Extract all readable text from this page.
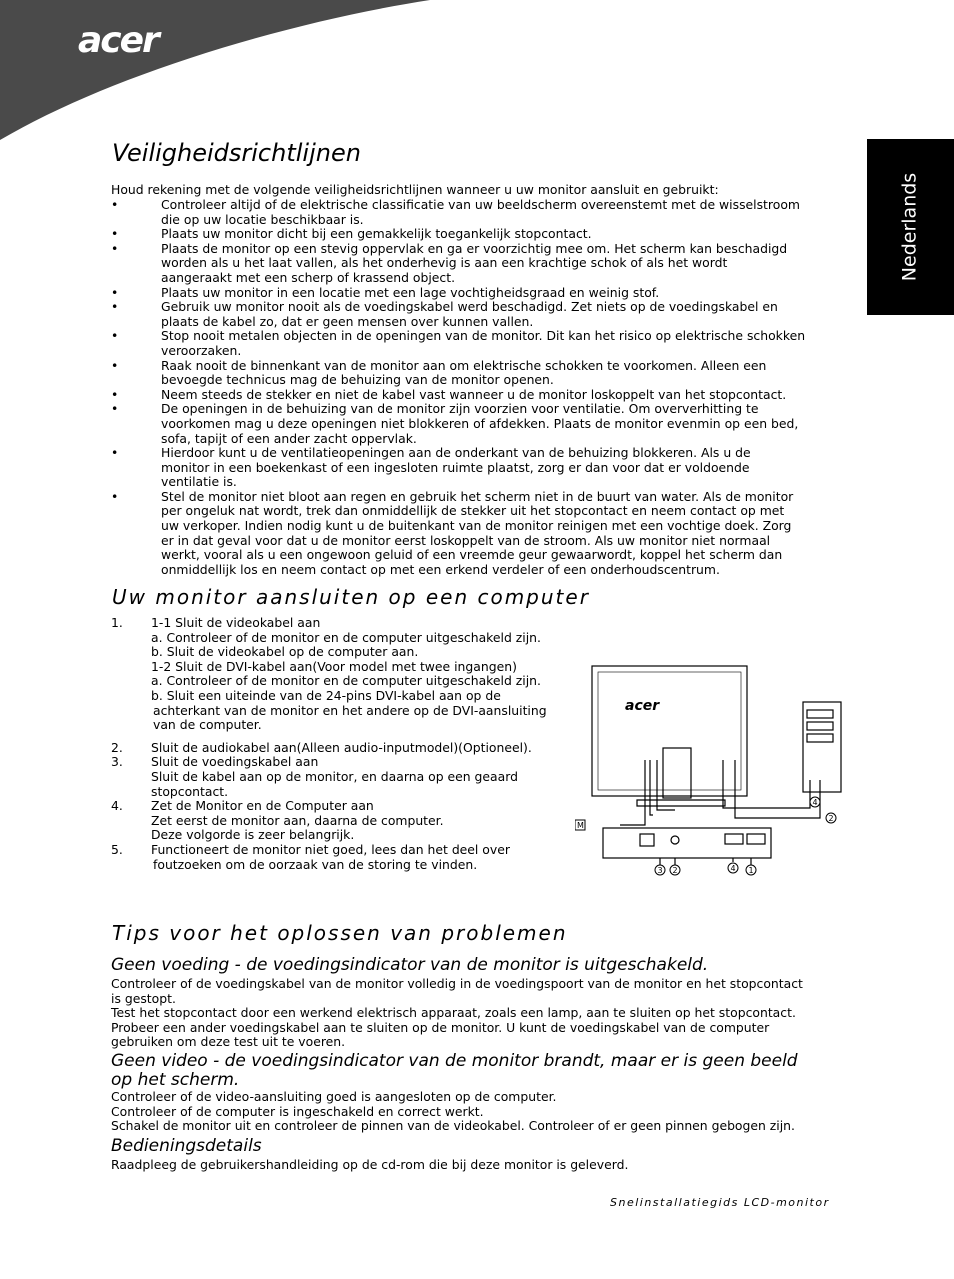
acer
Nederlands
Veiligheidsrichtlijnen
Houd rekening met de volgende veiligheidsrichtlijnen wanneer u uw monitor aansluit en gebruikt:
• Controleer altijd of de elektrische classificatie van uw beeldscherm overeenstemt met de wisselstroom
die op uw locatie beschikbaar is.
• Plaats uw monitor dicht bij een gemakkelijk toegankelijk stopcontact.
• Plaats de monitor op een stevig oppervlak en ga er voorzichtig mee om. Het scherm kan beschadigd
worden als u het laat vallen, als het onderhevig is aan een krachtige schok of als het wordt
aangeraakt met een scherp of krassend object.
• Plaats uw monitor in een locatie met een lage vochtigheidsgraad en weinig stof.
• Gebruik uw monitor nooit als de voedingskabel werd beschadigd. Zet niets op de voedingskabel en
plaats de kabel zo, dat er geen mensen over kunnen vallen.
• Stop nooit metalen objecten in de openingen van de monitor. Dit kan het risico op elektrische schokken
veroorzaken.
• Raak nooit de binnenkant van de monitor aan om elektrische schokken te voorkomen. Alleen een
bevoegde technicus mag de behuizing van de monitor openen.
• Neem steeds de stekker en niet de kabel vast wanneer u de monitor loskoppelt van het stopcontact.
• De openingen in de behuizing van de monitor zijn voorzien voor ventilatie. Om oververhitting te
voorkomen mag u deze openingen niet blokkeren of afdekken. Plaats de monitor evenmin op een bed,
sofa, tapijt of een ander zacht oppervlak.
• Hierdoor kunt u de ventilatieopeningen aan de onderkant van de behuizing blokkeren. Als u de
monitor in een boekenkast of een ingesloten ruimte plaatst, zorg er dan voor dat er voldoende
ventilatie is.
• Stel de monitor niet bloot aan regen en gebruik het scherm niet in de buurt van water. Als de monitor
per ongeluk nat wordt, trek dan onmiddellijk de stekker uit het stopcontact en neem contact op met
uw verkoper. Indien nodig kunt u de buitenkant van de monitor reinigen met een vochtige doek. Zorg
er in dat geval voor dat u de monitor eerst loskoppelt van de stroom. Als uw monitor niet normaal
werkt, vooral als u een ongewoon geluid of een vreemde geur gewaarwordt, koppel het scherm dan
onmiddellijk los en neem contact op met een erkend verdeler of een onderhoudscentrum.
Uw monitor aansluiten op een computer
1. 1-1 Sluit de videokabel aan
a. Controleer of de monitor en de computer uitgeschakeld zijn.
b. Sluit de videokabel op de computer aan.
1-2 Sluit de DVI-kabel aan(Voor model met twee ingangen)
a. Controleer of de monitor en de computer uitgeschakeld zijn.
b. Sluit een uiteinde van de 24-pins DVI-kabel aan op de
achterkant van de monitor en het andere op de DVI-aansluiting
van de computer.
2. Sluit de audiokabel aan(Alleen audio-inputmodel)(Optioneel).
3. Sluit de voedingskabel aan
Sluit de kabel aan op de monitor, en daarna op een geaard
stopcontact.
4. Zet de Monitor en de Computer aan
Zet eerst de monitor aan, daarna de computer.
Deze volgorde is zeer belangrijk.
5. Functioneert de monitor niet goed, lees dan het deel over
foutzoeken om de oorzaak van de storing te vinden.
acer
M
3 2	4 1
4
2
Tips voor het oplossen van problemen
Geen voeding - de voedingsindicator van de monitor is uitgeschakeld.
Controleer of de voedingskabel van de monitor volledig in de voedingspoort van de monitor en het stopcontact
is gestopt.
Test het stopcontact door een werkend elektrisch apparaat, zoals een lamp, aan te sluiten op het stopcontact.
Probeer een ander voedingskabel aan te sluiten op de monitor. U kunt de voedingskabel van de computer
gebruiken om deze test uit te voeren.
Geen video - de voedingsindicator van de monitor brandt, maar er is geen beeld
op het scherm.
Controleer of de video-aansluiting goed is aangesloten op de computer.
Controleer of de computer is ingeschakeld en correct werkt.
Schakel de monitor uit en controleer de pinnen van de videokabel. Controleer of er geen pinnen gebogen zijn.
Bedieningsdetails
Raadpleeg de gebruikershandleiding op de cd-rom die bij deze monitor is geleverd.
Snelinstallatiegids LCD-monitor
